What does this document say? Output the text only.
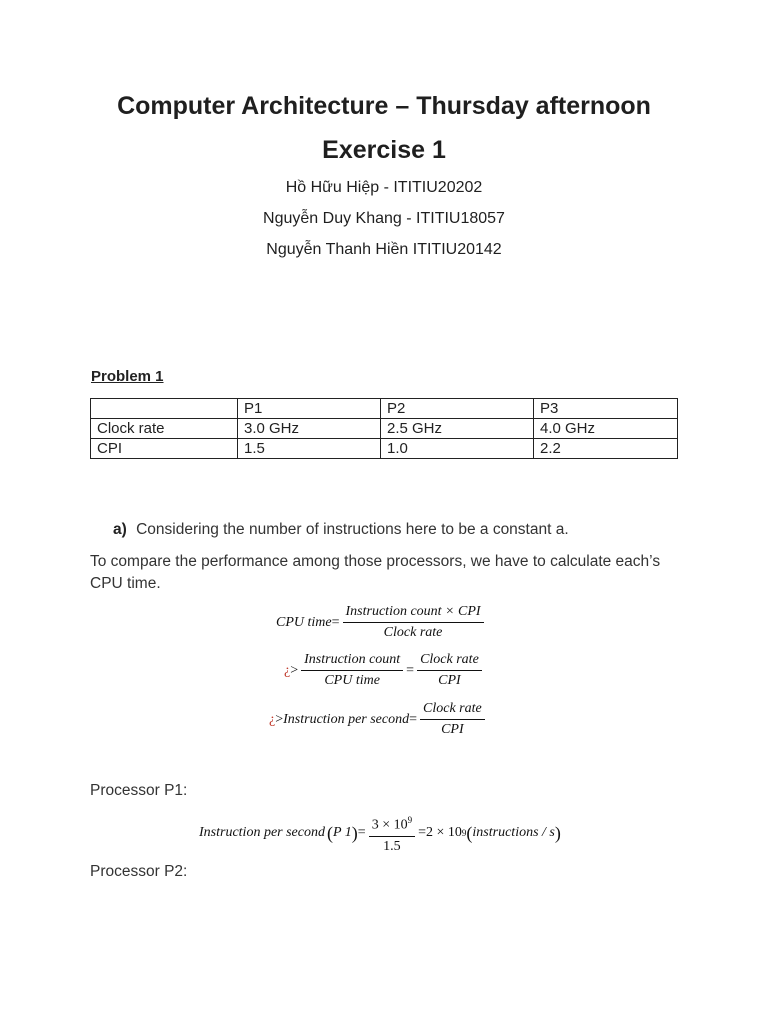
Computer Architecture – Thursday afternoon
Exercise 1
Hồ Hữu Hiệp - ITITIU20202
Nguyễn Duy Khang - ITITIU18057
Nguyễn Thanh Hiền ITITIU20142
Problem 1
	P1	P2	P3
Clock rate	3.0 GHz	2.5 GHz	4.0 GHz
CPI	1.5	1.0	2.2
a) Considering the number of instructions here to be a constant a.
To compare the performance among those processors, we have to calculate each’s CPU time.
CPU time = $\frac{\text{Instruction count × CPI}}{\text{Clock rate}}$
¿ > $\frac{\text{Instruction count}}{\text{CPU time}} = \frac{\text{Clock rate}}{\text{CPI}}$
¿ > Instruction per second = $\frac{\text{Clock rate}}{\text{CPI}}$
Processor P1:
Instruction per second ( P 1 ) = $\frac{3 \times 10^9}{1.5} = 2 \times 10$ 9 ( instructions / s )
Processor P2:
